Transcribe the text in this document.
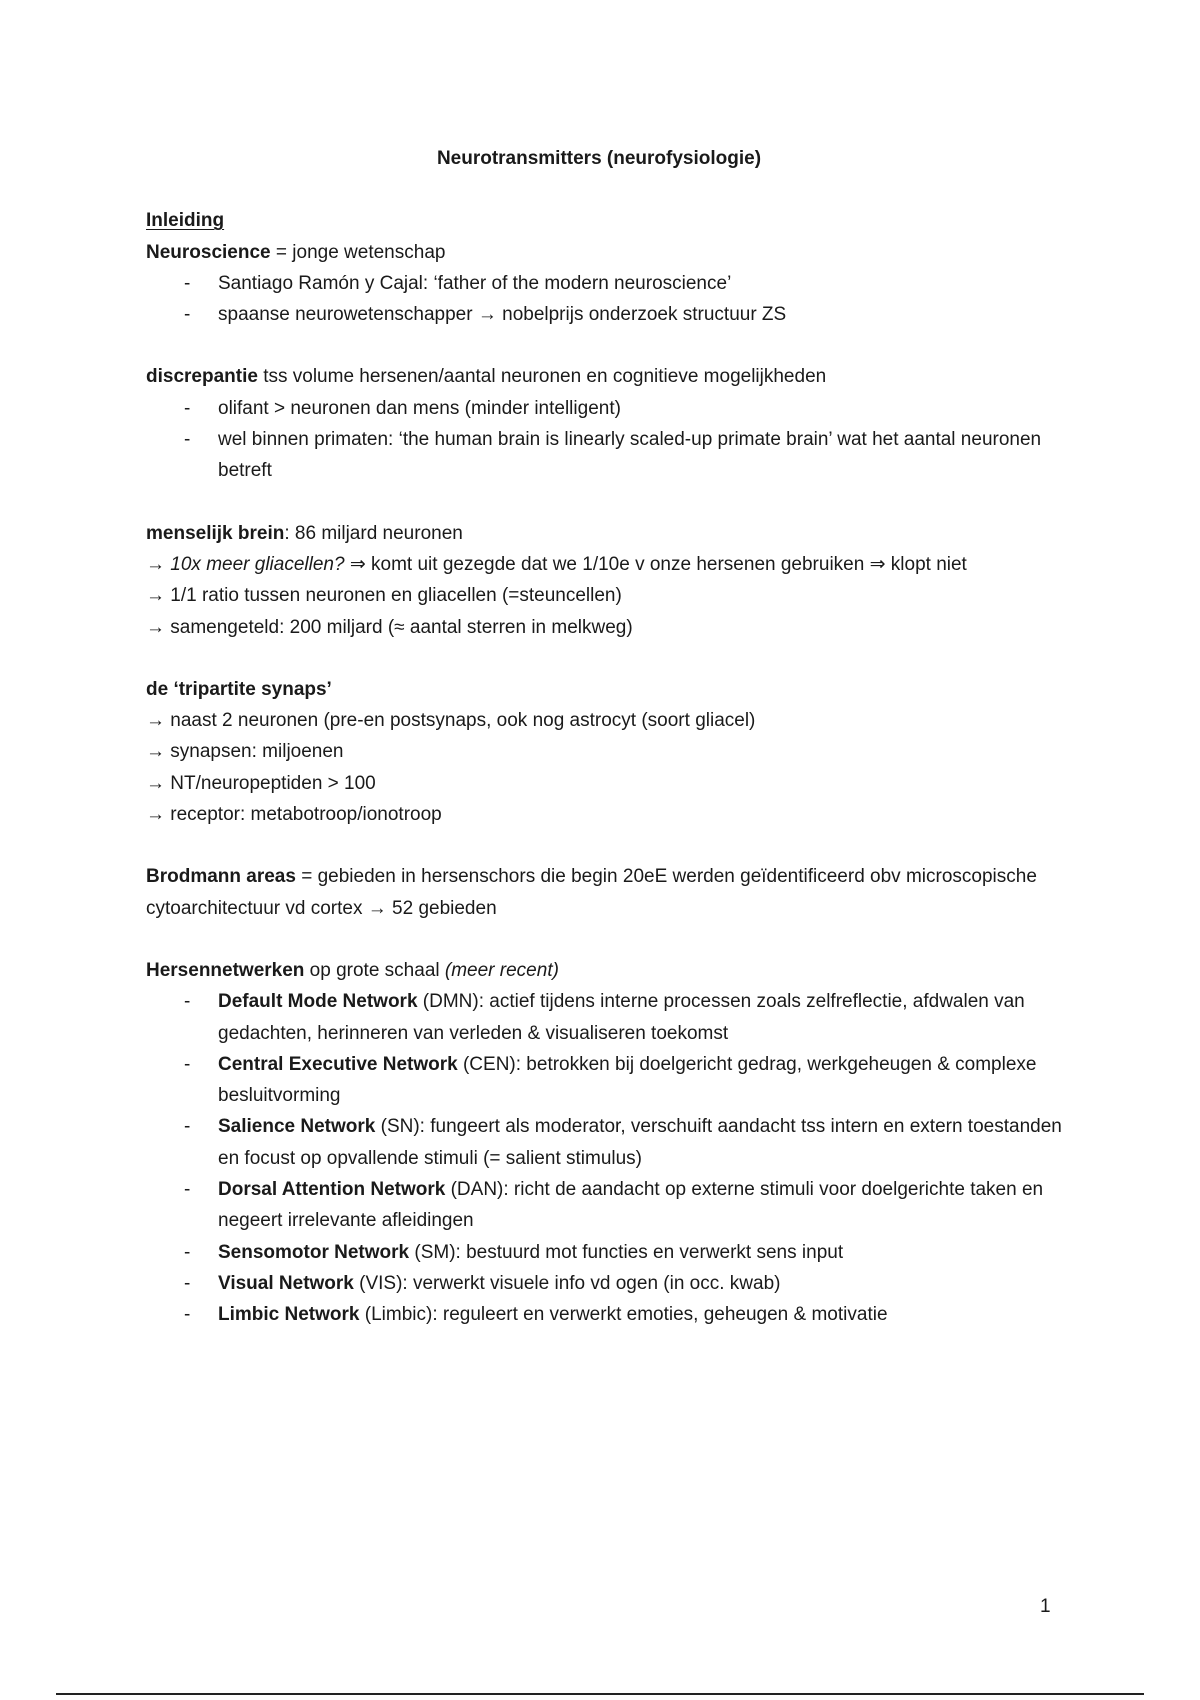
Neurotransmitters (neurofysiologie)
Inleiding
Neuroscience = jonge wetenschap
- Santiago Ramón y Cajal: ‘father of the modern neuroscience’
- spaanse neurowetenschapper → nobelprijs onderzoek structuur ZS
discrepantie tss volume hersenen/aantal neuronen en cognitieve mogelijkheden
- olifant > neuronen dan mens (minder intelligent)
- wel binnen primaten: ‘the human brain is linearly scaled-up primate brain’ wat het aantal neuronen betreft
menselijk brein: 86 miljard neuronen
→ 10x meer gliacellen? ⇒ komt uit gezegde dat we 1/10e v onze hersenen gebruiken ⇒ klopt niet
→ 1/1 ratio tussen neuronen en gliacellen (=steuncellen)
→ samengeteld: 200 miljard (≈ aantal sterren in melkweg)
de ‘tripartite synaps’
→ naast 2 neuronen (pre-en postsynaps, ook nog astrocyt (soort gliacel)
→ synapsen: miljoenen
→ NT/neuropeptiden > 100
→ receptor: metabotroop/ionotroop
Brodmann areas = gebieden in hersenschors die begin 20eE werden geïdentificeerd obv microscopische cytoarchitectuur vd cortex → 52 gebieden
Hersennetwerken op grote schaal (meer recent)
- Default Mode Network (DMN): actief tijdens interne processen zoals zelfreflectie, afdwalen van gedachten, herinneren van verleden & visualiseren toekomst
- Central Executive Network (CEN): betrokken bij doelgericht gedrag, werkgeheugen & complexe besluitvorming
- Salience Network (SN): fungeert als moderator, verschuift aandacht tss intern en extern toestanden en focust op opvallende stimuli (= salient stimulus)
- Dorsal Attention Network (DAN): richt de aandacht op externe stimuli voor doelgerichte taken en negeert irrelevante afleidingen
- Sensomotor Network (SM): bestuurd mot functies en verwerkt sens input
- Visual Network (VIS): verwerkt visuele info vd ogen (in occ. kwab)
- Limbic Network (Limbic): reguleert en verwerkt emoties, geheugen & motivatie
1
